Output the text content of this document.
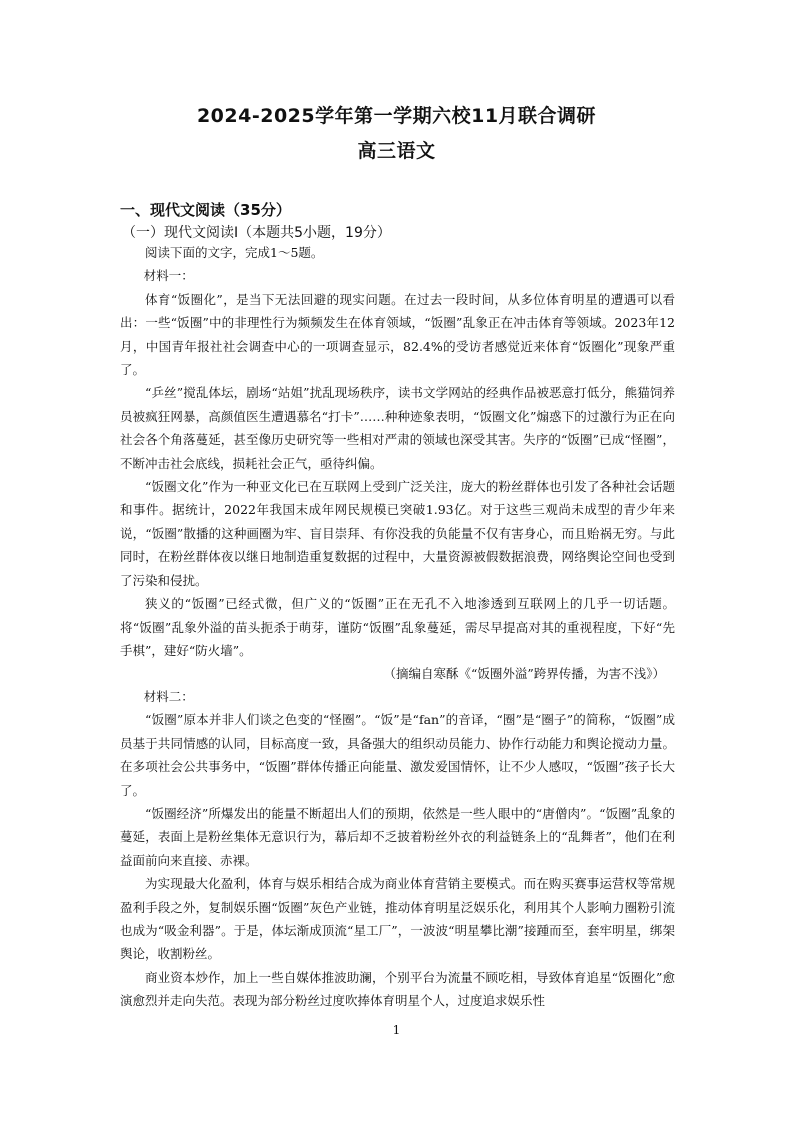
2024-2025学年第一学期六校11月联合调研
高三语文
一、现代文阅读（35分）
（一）现代文阅读Ⅰ（本题共5小题，19分）

阅读下面的文字，完成1～5题。

材料一：

体育“饭圈化”，是当下无法回避的现实问题。在过去一段时间，从多位体育明星的遭遇可以看出：一些“饭圈”中的非理性行为频频发生在体育领域，“饭圈”乱象正在冲击体育等领域。2023年12月，中国青年报社社会调查中心的一项调查显示，82.4%的受访者感觉近来体育“饭圈化”现象严重了。

“乒丝”搅乱体坛，剧场“站姐”扰乱现场秩序，读书文学网站的经典作品被恶意打低分，熊猫饲养员被疯狂网暴，高颜值医生遭遇慕名“打卡”……种种迹象表明，“饭圈文化”煽惑下的过激行为正在向社会各个角落蔓延，甚至像历史研究等一些相对严肃的领域也深受其害。失序的“饭圈”已成“怪圈”，不断冲击社会底线，损耗社会正气，亟待纠偏。

“饭圈文化”作为一种亚文化已在互联网上受到广泛关注，庞大的粉丝群体也引发了各种社会话题和事件。据统计，2022年我国末成年网民规模已突破1.93亿。对于这些三观尚未成型的青少年来说，“饭圈”散播的这种画圈为牢、盲目崇拜、有你没我的负能量不仅有害身心，而且贻祸无穷。与此同时，在粉丝群体夜以继日地制造重复数据的过程中，大量资源被假数据浪费，网络舆论空间也受到了污染和侵扰。

狭义的“饭圈”已经式微，但广义的“饭圈”正在无孔不入地渗透到互联网上的几乎一切话题。将“饭圈”乱象外溢的苗头扼杀于萌芽，谨防“饭圈”乱象蔓延，需尽早提高对其的重视程度，下好“先手棋”，建好“防火墙”。

（摘编自寒酥《“饭圈外溢”跨界传播，为害不浅》）

材料二：

“饭圈”原本并非人们谈之色变的“怪圈”。“饭”是“fan”的音译，“圈”是“圈子”的简称，“饭圈”成员基于共同情感的认同，目标高度一致，具备强大的组织动员能力、协作行动能力和舆论搅动力量。在多项社会公共事务中，“饭圈”群体传播正向能量、激发爱国情怀，让不少人感叹，“饭圈”孩子长大了。

“饭圈经济”所爆发出的能量不断超出人们的预期，依然是一些人眼中的“唐僧肉”。“饭圈”乱象的蔓延，表面上是粉丝集体无意识行为，幕后却不乏披着粉丝外衣的利益链条上的“乱舞者”，他们在利益面前向来直接、赤裸。

为实现最大化盈利，体育与娱乐相结合成为商业体育营销主要模式。而在购买赛事运营权等常规盈利手段之外，复制娱乐圈“饭圈”灰色产业链，推动体育明星泛娱乐化，利用其个人影响力圈粉引流也成为“吸金利器”。于是，体坛渐成顶流“星工厂”，一波波“明星攀比潮”接踵而至，套牢明星，绑架舆论，收割粉丝。

商业资本炒作，加上一些自媒体推波助澜，个别平台为流量不顾吃相，导致体育追星“饭圈化”愈演愈烈并走向失范。表现为部分粉丝过度吹捧体育明星个人，过度追求娱乐性

1
